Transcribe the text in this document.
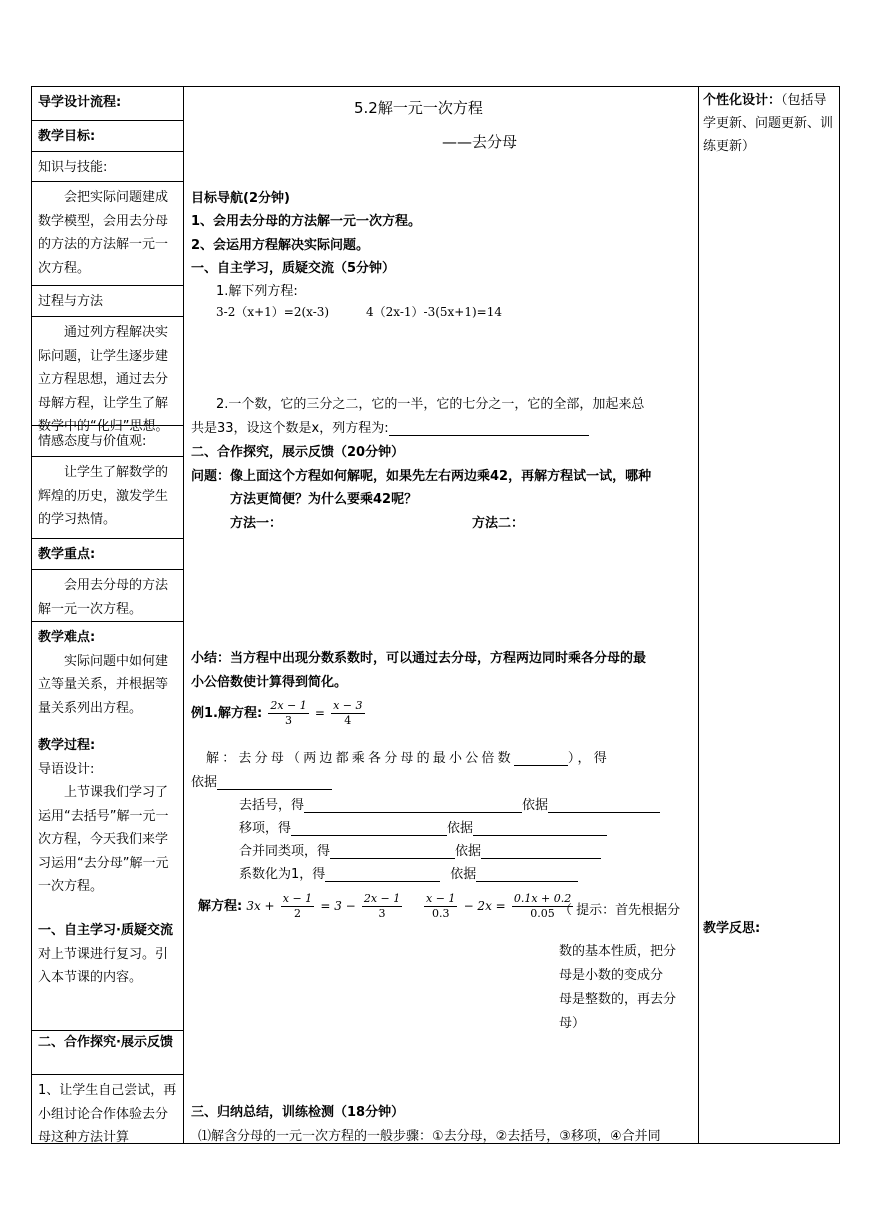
导学设计流程:
教学目标:
知识与技能:
会把实际问题建成数学模型，会用去分母的方法的方法解一元一次方程。
过程与方法
通过列方程解决实际问题，让学生逐步建立方程思想，通过去分母解方程，让学生了解数学中的“化归”思想。
情感态度与价值观:
让学生了解数学的辉煌的历史，激发学生的学习热情。
教学重点:
会用去分母的方法解一元一次方程。
教学难点:
实际问题中如何建立等量关系，并根据等量关系列出方程。
教学过程:
导语设计:
上节课我们学习了运用“去括号”解一元一次方程，今天我们来学习运用“去分母”解一元一次方程。
一、自主学习·质疑交流
对上节课进行复习。引入本节课的内容。
二、合作探究·展示反馈
1、让学生自己尝试，再小组讨论合作体验去分母这种方法计算
5.2解一元一次方程
——去分母
目标导航(2分钟)
1、会用去分母的方法解一元一次方程。
2、会运用方程解决实际问题。
一、自主学习，质疑交流（5分钟）
1.解下列方程:
3-2（x+1）=2(x-3)	4（2x-1）-3(5x+1)=14
2.一个数，它的三分之二，它的一半，它的七分之一，它的全部，加起来总
共是33，设这个数是x，列方程为:
二、合作探究，展示反馈（20分钟）
问题：像上面这个方程如何解呢，如果先左右两边乘42，再解方程试一试，哪种
方法更简便？为什么要乘42呢？
方法一：	方法二：
小结：当方程中出现分数系数时，可以通过去分母，方程两边同时乘各分母的最
小公倍数使计算得到简化。
例1.解方程: $\frac{2x - 1}{3} = \frac{x - 3}{4}$
解：去分母（两边都乘各分母的最小公倍数	），得
依据
去括号，得	依据
移项，得	依据
合并同类项，得	依据
系数化为1，得	依据
解方程: $3x + \frac{x - 1}{2} = 3 - \frac{2x - 1}{3} \frac{x - 1}{0.3} - 2x = \frac{0.1x + 0.2}{0.05}$
（ 提示：首先根据分
数的基本性质，把分
母是小数的变成分
母是整数的，再去分
母）
三、归纳总结，训练检测（18分钟）
⑴解含分母的一元一次方程的一般步骤：①去分母，②去括号，③移项，④合并同
个性化设计：（包括导学更新、问题更新、训练更新）
教学反思:
